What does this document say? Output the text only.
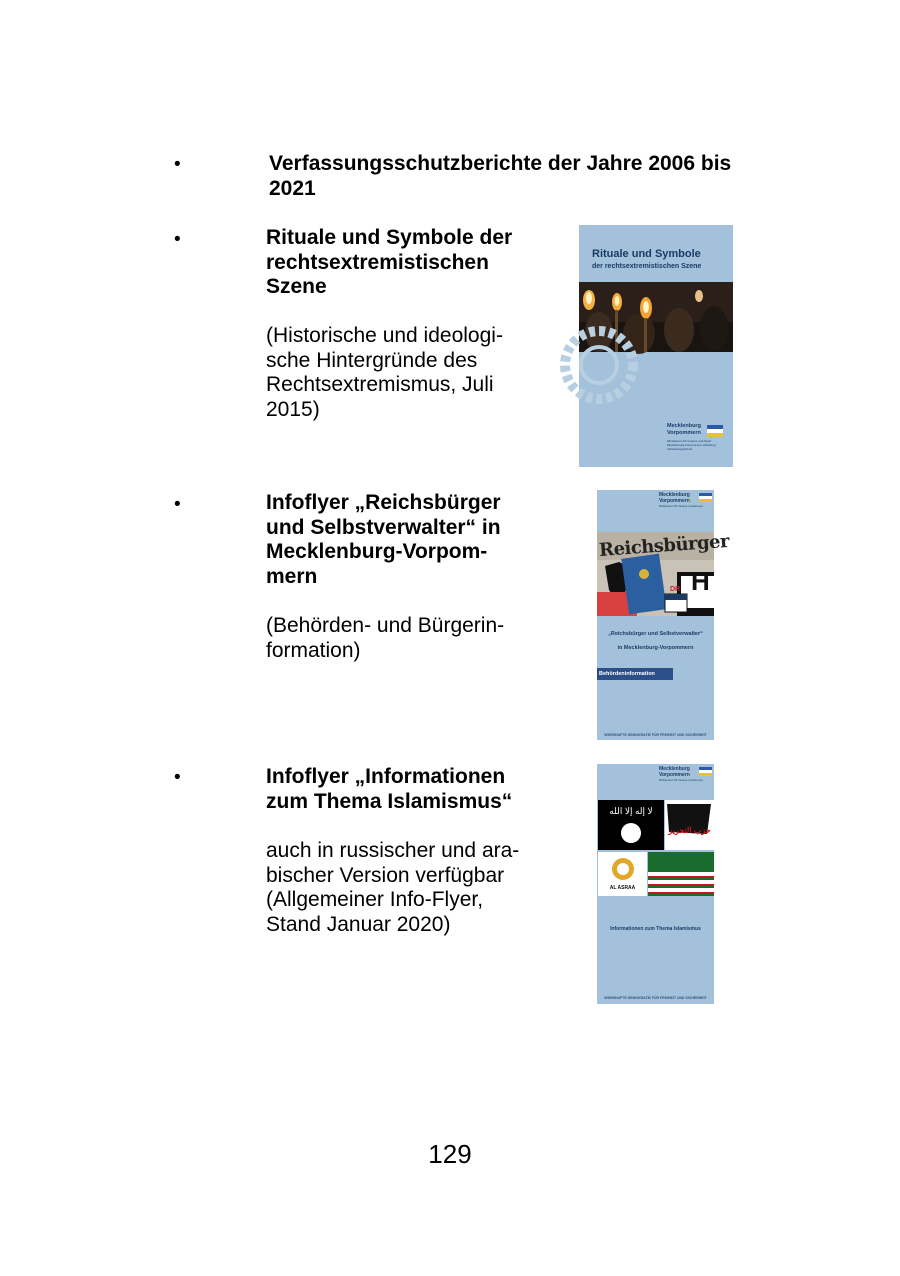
•	Verfassungsschutzberichte der Jahre 2006 bis 2021
•	Rituale und Symbole der rechtsextremistischen Szene
(Historische und ideologi-sche Hintergründe des Rechtsextremismus, Juli 2015)
Rituale und Symbole
der rechtsextremistischen Szene
Mecklenburg Vorpommern
Ministerium für Inneres und Sport Mecklenburg-Vorpommern Abteilung Verfassungsschutz
•	Infoflyer „Reichsbürger und Selbstverwalter“ in Mecklenburg-Vorpom-mern
(Behörden- und Bürgerin-formation)
Mecklenburg Vorpommern
Ministerium für Inneres und Europa
Reichsbürger
DR H
„Reichsbürger und Selbstverwalter“
in Mecklenburg-Vorpommern
Behördeninformation
WEHRHAFTE DEMOKRATIE FÜR FREIHEIT UND SICHERHEIT
•	Infoflyer „Informationen zum Thema Islamismus“
auch in russischer und ara-bischer Version verfügbar (Allgemeiner Info-Flyer, Stand Januar 2020)
Mecklenburg Vorpommern
Ministerium für Inneres und Europa
لا إله إلا الله
حزب التحرير
AL ASRAA
Informationen zum Thema Islamismus
WEHRHAFTE DEMOKRATIE FÜR FREIHEIT UND SICHERHEIT
129
